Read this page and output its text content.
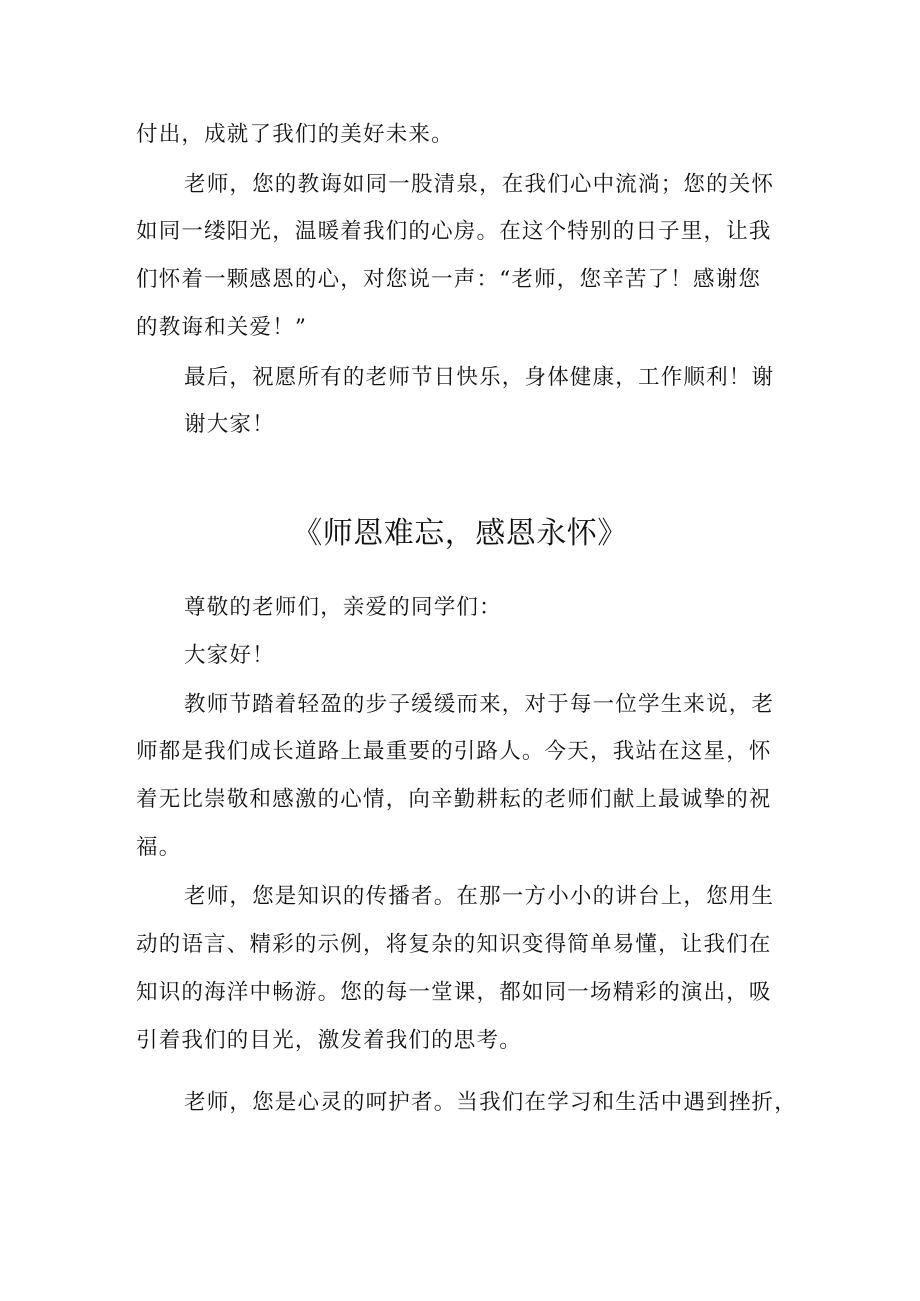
付出，成就了我们的美好未来。
老师，您的教诲如同一股清泉，在我们心中流淌；您的关怀
如同一缕阳光，温暖着我们的心房。在这个特别的日子里，让我
们怀着一颗感恩的心，对您说一声：“老师，您辛苦了！感谢您
的教诲和关爱！”
最后，祝愿所有的老师节日快乐，身体健康，工作顺利！谢
谢大家！
《师恩难忘，感恩永怀》
尊敬的老师们，亲爱的同学们：
大家好！
教师节踏着轻盈的步子缓缓而来，对于每一位学生来说，老
师都是我们成长道路上最重要的引路人。今天，我站在这星，怀
着无比崇敬和感激的心情，向辛勤耕耘的老师们献上最诚挚的祝
福。
老师，您是知识的传播者。在那一方小小的讲台上，您用生
动的语言、精彩的示例，将复杂的知识变得简单易懂，让我们在
知识的海洋中畅游。您的每一堂课，都如同一场精彩的演出，吸
引着我们的目光，激发着我们的思考。
老师，您是心灵的呵护者。当我们在学习和生活中遇到挫折，
